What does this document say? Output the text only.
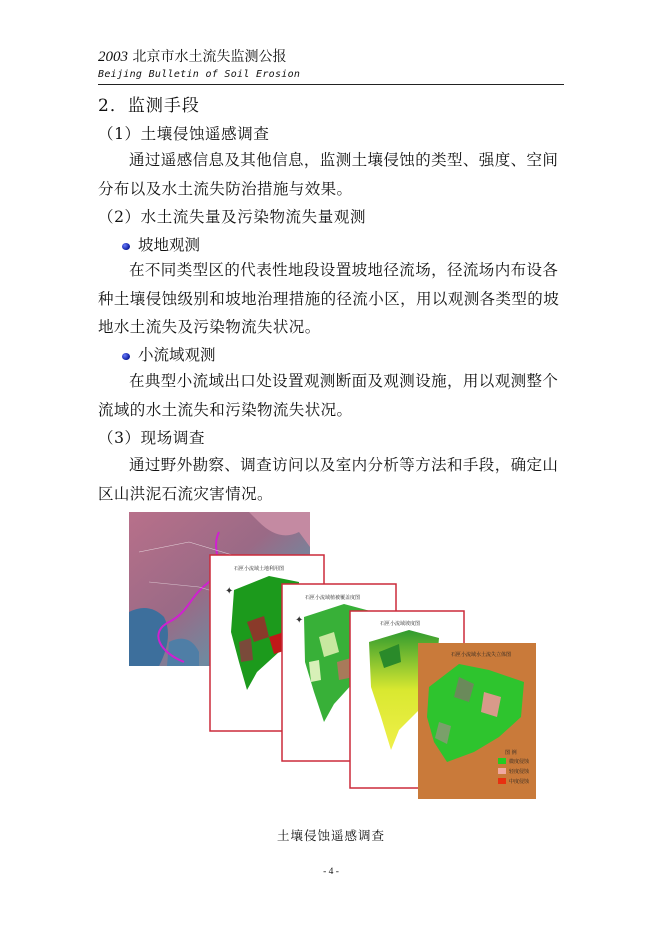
2003 北京市水土流失监测公报
Beijing Bulletin of Soil Erosion
2．监测手段
（1）土壤侵蚀遥感调查
通过遥感信息及其他信息，监测土壤侵蚀的类型、强度、空间
分布以及水土流失防治措施与效果。
（2）水土流失量及污染物流失量观测
坡地观测
在不同类型区的代表性地段设置坡地径流场，径流场内布设各
种土壤侵蚀级别和坡地治理措施的径流小区，用以观测各类型的坡
地水土流失及污染物流失状况。
小流域观测
在典型小流域出口处设置观测断面及观测设施，用以观测整个
流域的水土流失和污染物流失状况。
（3）现场调查
通过野外勘察、调查访问以及室内分析等方法和手段，确定山
区山洪泥石流灾害情况。
石匣小流域土地利用图
✦
石匣小流域植被覆盖度图
✦	石匣小流域坡度图
石匣小流域水土流失立体图
图 例
微度侵蚀
轻度侵蚀
中度侵蚀
土壤侵蚀遥感调查
- 4 -
